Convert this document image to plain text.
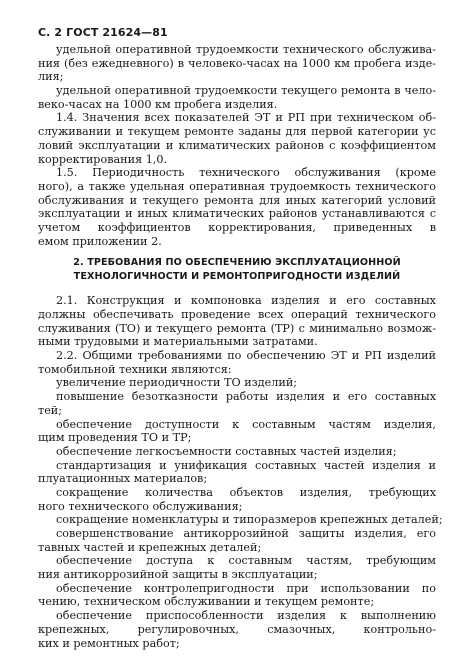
С. 2 ГОСТ 21624—81
удельной оперативной трудоемкости технического обслужива-
ния (без ежедневного) в человеко-часах на 1000 км пробега изде-
лия;
удельной оперативной трудоемкости текущего ремонта в чело-
веко-часах на 1000 км пробега изделия.
1.4. Значения всех показателей ЭТ и РП при техническом об-
служивании и текущем ремонте заданы для первой категории ус
ловий эксплуатации и климатических районов с коэффициентом
корректирования 1,0.
1.5. Периодичность технического обслуживания (кроме
ного), а также удельная оперативная трудоемкость технического
обслуживания и текущего ремонта для иных категорий условий
эксплуатации и иных климатических районов устанавливаются с
учетом коэффициентов корректирования, приведенных в
емом приложении 2.
2. ТРЕБОВАНИЯ ПО ОБЕСПЕЧЕНИЮ ЭКСПЛУАТАЦИОННОЙ
ТЕХНОЛОГИЧНОСТИ И РЕМОНТОПРИГОДНОСТИ ИЗДЕЛИЙ
2.1. Конструкция и компоновка изделия и его составных
должны обеспечивать проведение всех операций технического
служивания (ТО) и текущего ремонта (ТР) с минимально возмож-
ными трудовыми и материальными затратами.
2.2. Общими требованиями по обеспечению ЭТ и РП изделий
томобильной техники являются:
увеличение периодичности ТО изделий;
повышение безотказности работы изделия и его составных
тей;
обеспечение доступности к составным частям изделия,
щим проведения ТО и ТР;
обеспечение легкосъемности составных частей изделия;
стандартизация и унификация составных частей изделия и
плуатационных материалов;
сокращение количества объектов изделия, требующих
ного технического обслуживания;
сокращение номенклатуры и типоразмеров крепежных деталей;
совершенствование антикоррозийной защиты изделия, его
тавных частей и крепежных деталей;
обеспечение доступа к составным частям, требующим
ния антикоррозийной защиты в эксплуатации;
обеспечение контролепригодности при использовании по
чению, техническом обслуживании и текущем ремонте;
обеспечение приспособленности изделия к выполнению
крепежных, регулировочных, смазочных, контрольно-
ких и ремонтных работ;
